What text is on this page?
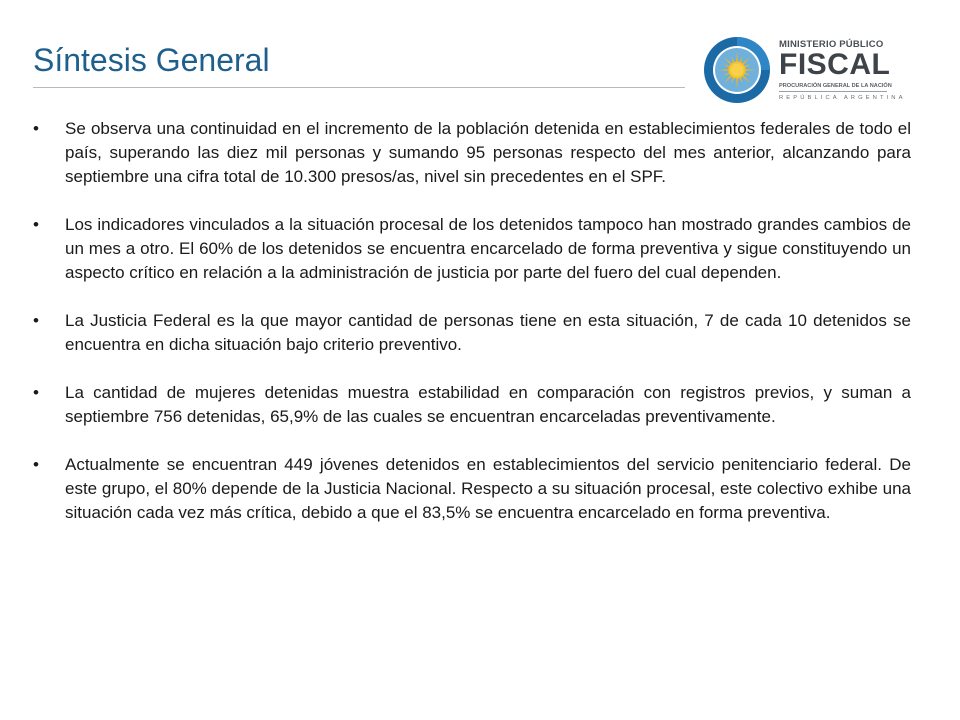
Síntesis General	MINISTERIO PÚBLICO
FISCAL
PROCURACIÓN GENERAL DE LA NACIÓN
REPÚBLICA ARGENTINA
•	Se observa una continuidad en el incremento de la población detenida en establecimientos federales de todo el país, superando las diez mil personas y sumando 95 personas respecto del mes anterior, alcanzando para septiembre una cifra total de 10.300 presos/as, nivel sin precedentes en el SPF.
•	Los indicadores vinculados a la situación procesal de los detenidos tampoco han mostrado grandes cambios de un mes a otro. El 60% de los detenidos se encuentra encarcelado de forma preventiva y sigue constituyendo un aspecto crítico en relación a la administración de justicia por parte del fuero del cual dependen.
•	La Justicia Federal es la que mayor cantidad de personas tiene en esta situación, 7 de cada 10 detenidos se encuentra en dicha situación bajo criterio preventivo.
•	La cantidad de mujeres detenidas muestra estabilidad en comparación con registros previos, y suman a septiembre 756 detenidas, 65,9% de las cuales se encuentran encarceladas preventivamente.
•	Actualmente se encuentran 449 jóvenes detenidos en establecimientos del servicio penitenciario federal. De este grupo, el 80% depende de la Justicia Nacional. Respecto a su situación procesal, este colectivo exhibe una situación cada vez más crítica, debido a que el 83,5% se encuentra encarcelado en forma preventiva.
